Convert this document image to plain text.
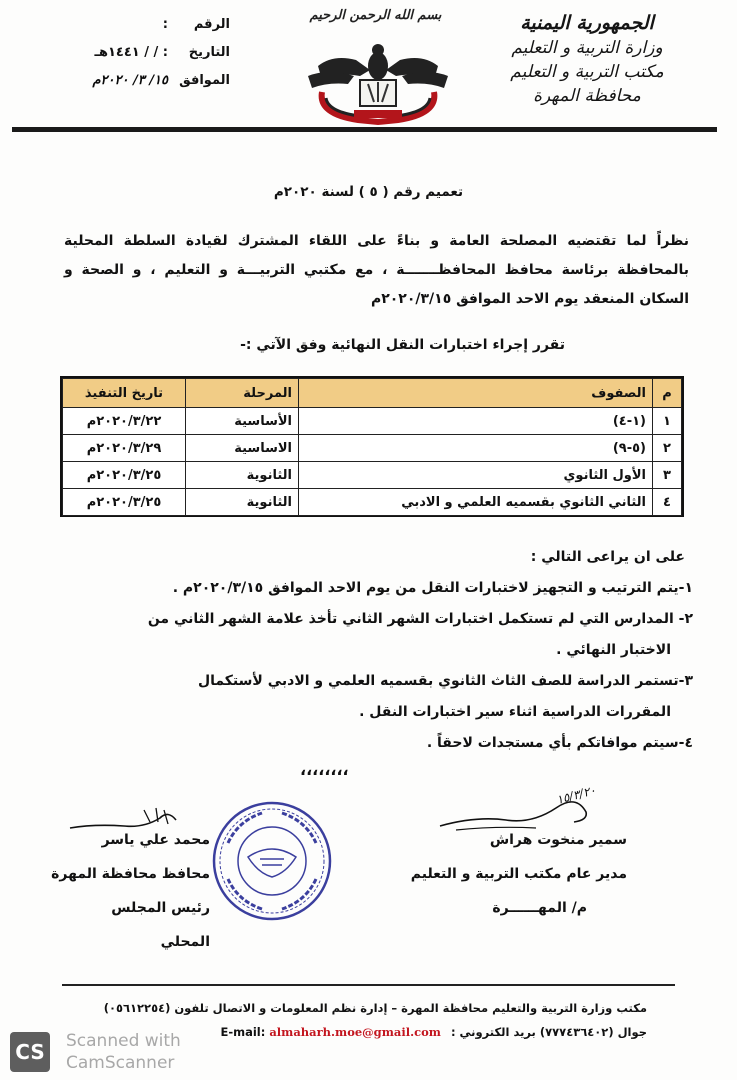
الجمهورية اليمنية
وزارة التربية و التعليم
مكتب التربية و التعليم
محافظة المهرة
بسم الله الرحمن الرحيم
الرقم
:
التاريخ
: / / ١٤٤١هـ
الموافق
١٥/ ٣/ ٢٠٢٠م
تعميم رقم ( ٥ ) لسنة ٢٠٢٠م
نظراً لما تقتضيه المصلحة العامة و بناءً على اللقاء المشترك لقيادة السلطة المحلية بالمحافظة برئاسة محافظ المحافظـــــــة ، مع مكتبي التربيـــة و التعليم ، و الصحة و السكان المنعقد يوم الاحد الموافق ٢٠٢٠/٣/١٥م
تقرر إجراء اختبارات النقل النهائية وفق الآتي :-
م	الصفوف	المرحلة	تاريخ التنفيذ
١	(١-٤)	الأساسية	٢٠٢٠/٣/٢٢م
٢	(٥-٩)	الاساسية	٢٠٢٠/٣/٢٩م
٣	الأول الثانوي	الثانوية	٢٠٢٠/٣/٢٥م
٤	الثاني الثانوي بقسميه العلمي و الادبي	الثانوية	٢٠٢٠/٣/٢٥م
على ان يراعى التالي :
١-يتم الترتيب و التجهيز لاختبارات النقل من يوم الاحد الموافق ٢٠٢٠/٣/١٥م .
٢- المدارس التي لم تستكمل اختبارات الشهر الثاني تأخذ علامة الشهر الثاني من
الاختبار النهائي .
٣-تستمر الدراسة للصف الثاث الثانوي بقسميه العلمي و الادبي لأستكمال
المقررات الدراسية اثناء سير اختبارات النقل .
٤-سيتم موافاتكم بأي مستجدات لاحقاً .
،،،،،،،،
١٥/٣/٢٠
سمير منخوت هراش
مدير عام مكتب التربية و التعليم
م/ المهــــــرة
محمد علي ياسر
محافظ محافظة المهرة
رئيس المجلس المحلي
مكتب وزارة التربية والتعليم محافظة المهرة – إدارة نظم المعلومات و الاتصال تلفون (٠٥٦١٢٢٥٤)
جوال (٧٧٧٤٣٦٤٠٢) بريد الكتروني : E-mail: almaharh.moe@gmail.com
CS	Scanned with
CamScanner
